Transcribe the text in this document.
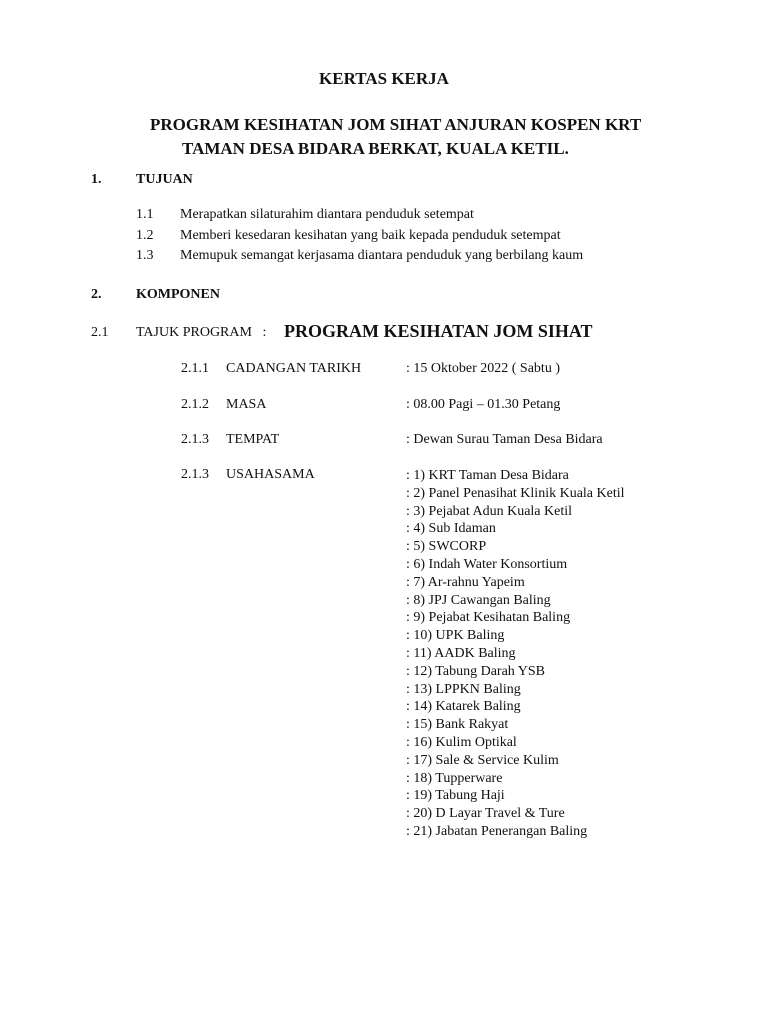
KERTAS KERJA
PROGRAM KESIHATAN JOM SIHAT ANJURAN KOSPEN KRT
TAMAN DESA BIDARA BERKAT, KUALA KETIL.
1. TUJUAN
1.1 Merapatkan silaturahim diantara penduduk setempat
1.2 Memberi kesedaran kesihatan yang baik kepada penduduk setempat
1.3 Memupuk semangat kerjasama diantara penduduk yang berbilang kaum
2. KOMPONEN
2.1 TAJUK PROGRAM   : PROGRAM KESIHATAN JOM SIHAT
2.1.1 CADANGAN TARIKH	: 15 Oktober 2022 ( Sabtu )
2.1.2 MASA	: 08.00 Pagi – 01.30 Petang
2.1.3 TEMPAT	: Dewan Surau Taman Desa Bidara
2.1.3 USAHASAMA	: 1) KRT Taman Desa Bidara
: 2) Panel Penasihat Klinik Kuala Ketil
: 3) Pejabat Adun Kuala Ketil
: 4) Sub Idaman
: 5) SWCORP
: 6) Indah Water Konsortium
: 7) Ar-rahnu Yapeim
: 8) JPJ Cawangan Baling
: 9) Pejabat Kesihatan Baling
: 10) UPK Baling
: 11) AADK Baling
: 12) Tabung Darah YSB
: 13) LPPKN Baling
: 14) Katarek Baling
: 15) Bank Rakyat
: 16) Kulim Optikal
: 17) Sale & Service Kulim
: 18) Tupperware
: 19) Tabung Haji
: 20) D Layar Travel & Ture
: 21) Jabatan Penerangan Baling
